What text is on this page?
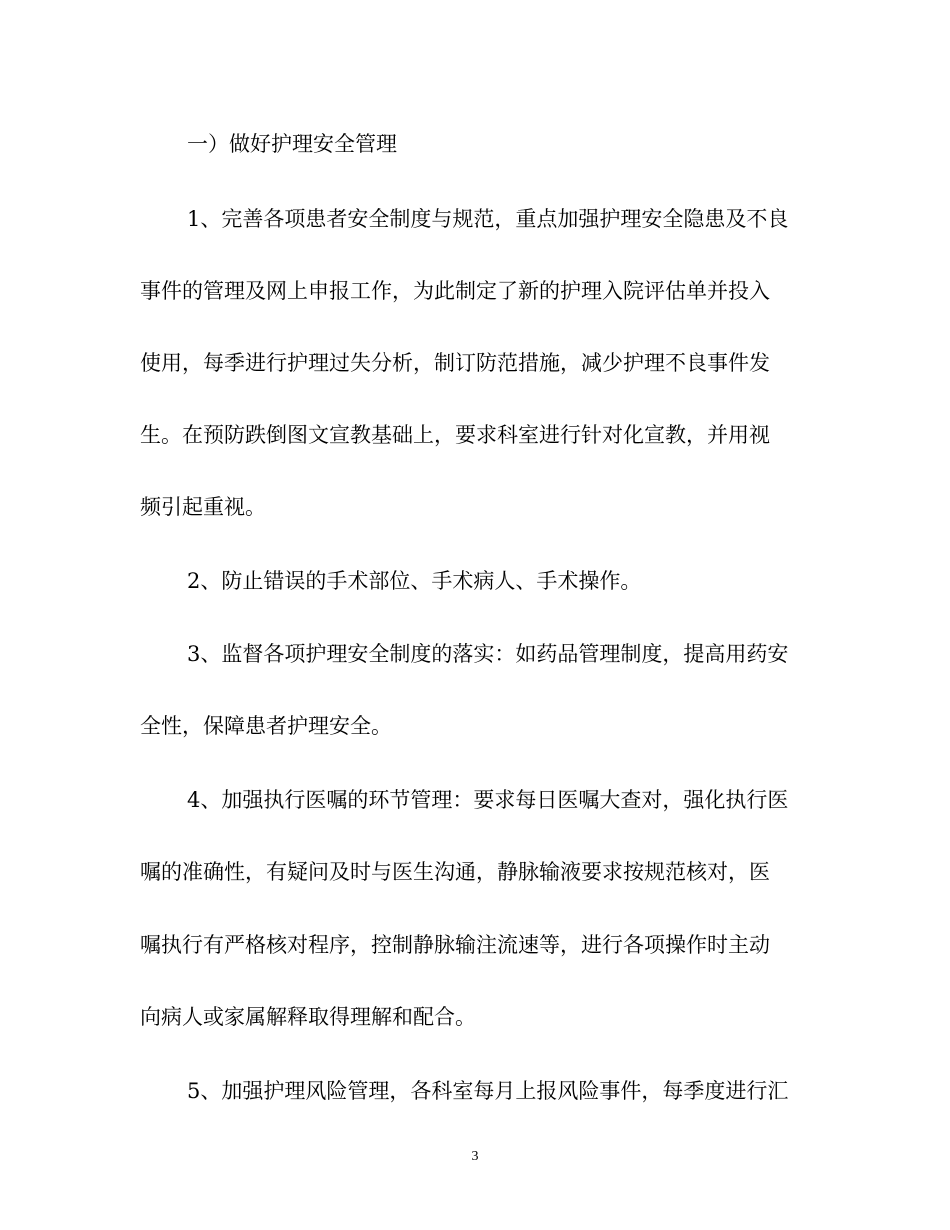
一）做好护理安全管理
1、完善各项患者安全制度与规范，重点加强护理安全隐患及不良
事件的管理及网上申报工作，为此制定了新的护理入院评估单并投入
使用，每季进行护理过失分析，制订防范措施，减少护理不良事件发
生。在预防跌倒图文宣教基础上，要求科室进行针对化宣教，并用视
频引起重视。
2、防止错误的手术部位、手术病人、手术操作。
3、监督各项护理安全制度的落实：如药品管理制度，提高用药安
全性，保障患者护理安全。
4、加强执行医嘱的环节管理：要求每日医嘱大查对，强化执行医
嘱的准确性，有疑问及时与医生沟通，静脉输液要求按规范核对，医
嘱执行有严格核对程序，控制静脉输注流速等，进行各项操作时主动
向病人或家属解释取得理解和配合。
5、加强护理风险管理，各科室每月上报风险事件，每季度进行汇
3
